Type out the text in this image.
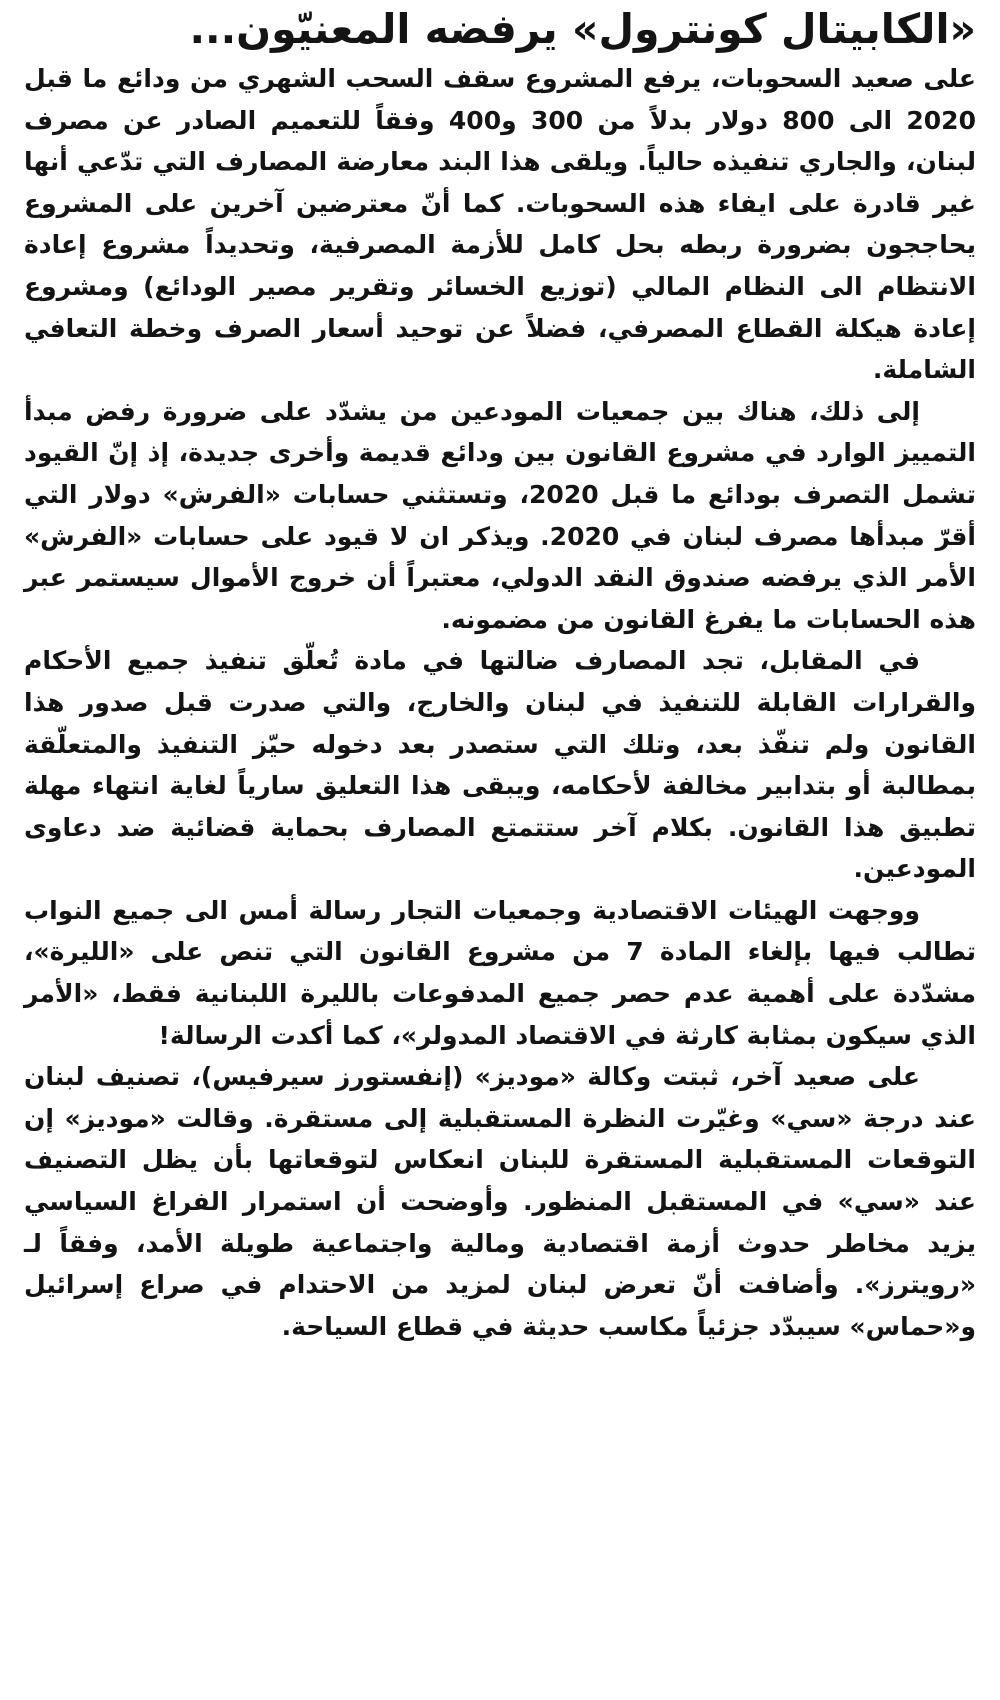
«الكابيتال كونترول» يرفضه المعنيّون...

على صعيد السحوبات، يرفع المشروع سقف السحب الشهري من ودائع ما قبل 2020 الى 800 دولار بدلاً من 300 و400 وفقاً للتعميم الصادر عن مصرف لبنان، والجاري تنفيذه حالياً. ويلقى هذا البند معارضة المصارف التي تدّعي أنها غير قادرة على ايفاء هذه السحوبات. كما أنّ معترضين آخرين على المشروع يحاججون بضرورة ربطه بحل كامل للأزمة المصرفية، وتحديداً مشروع إعادة الانتظام الى النظام المالي (توزيع الخسائر وتقرير مصير الودائع) ومشروع إعادة هيكلة القطاع المصرفي، فضلاً عن توحيد أسعار الصرف وخطة التعافي الشاملة.

إلى ذلك، هناك بين جمعيات المودعين من يشدّد على ضرورة رفض مبدأ التمييز الوارد في مشروع القانون بين ودائع قديمة وأخرى جديدة، إذ إنّ القيود تشمل التصرف بودائع ما قبل 2020، وتستثني حسابات «الفرش» دولار التي أقرّ مبدأها مصرف لبنان في 2020. ويذكر ان لا قيود على حسابات «الفرش» الأمر الذي يرفضه صندوق النقد الدولي، معتبراً أن خروج الأموال سيستمر عبر هذه الحسابات ما يفرغ القانون من مضمونه.

في المقابل، تجد المصارف ضالتها في مادة تُعلّق تنفيذ جميع الأحكام والقرارات القابلة للتنفيذ في لبنان والخارج، والتي صدرت قبل صدور هذا القانون ولم تنفّذ بعد، وتلك التي ستصدر بعد دخوله حيّز التنفيذ والمتعلّقة بمطالبة أو بتدابير مخالفة لأحكامه، ويبقى هذا التعليق سارياً لغاية انتهاء مهلة تطبيق هذا القانون. بكلام آخر ستتمتع المصارف بحماية قضائية ضد دعاوى المودعين.

ووجهت الهيئات الاقتصادية وجمعيات التجار رسالة أمس الى جميع النواب تطالب فيها بإلغاء المادة 7 من مشروع القانون التي تنص على «الليرة»، مشدّدة على أهمية عدم حصر جميع المدفوعات بالليرة اللبنانية فقط، «الأمر الذي سيكون بمثابة كارثة في الاقتصاد المدولر»، كما أكدت الرسالة!

على صعيد آخر، ثبتت وكالة «موديز» (إنفستورز سيرفيس)، تصنيف لبنان عند درجة «سي» وغيّرت النظرة المستقبلية إلى مستقرة. وقالت «موديز» إن التوقعات المستقبلية المستقرة للبنان انعكاس لتوقعاتها بأن يظل التصنيف عند «سي» في المستقبل المنظور. وأوضحت أن استمرار الفراغ السياسي يزيد مخاطر حدوث أزمة اقتصادية ومالية واجتماعية طويلة الأمد، وفقاً لـ «رويترز». وأضافت أنّ تعرض لبنان لمزيد من الاحتدام في صراع إسرائيل و«حماس» سيبدّد جزئياً مكاسب حديثة في قطاع السياحة.
